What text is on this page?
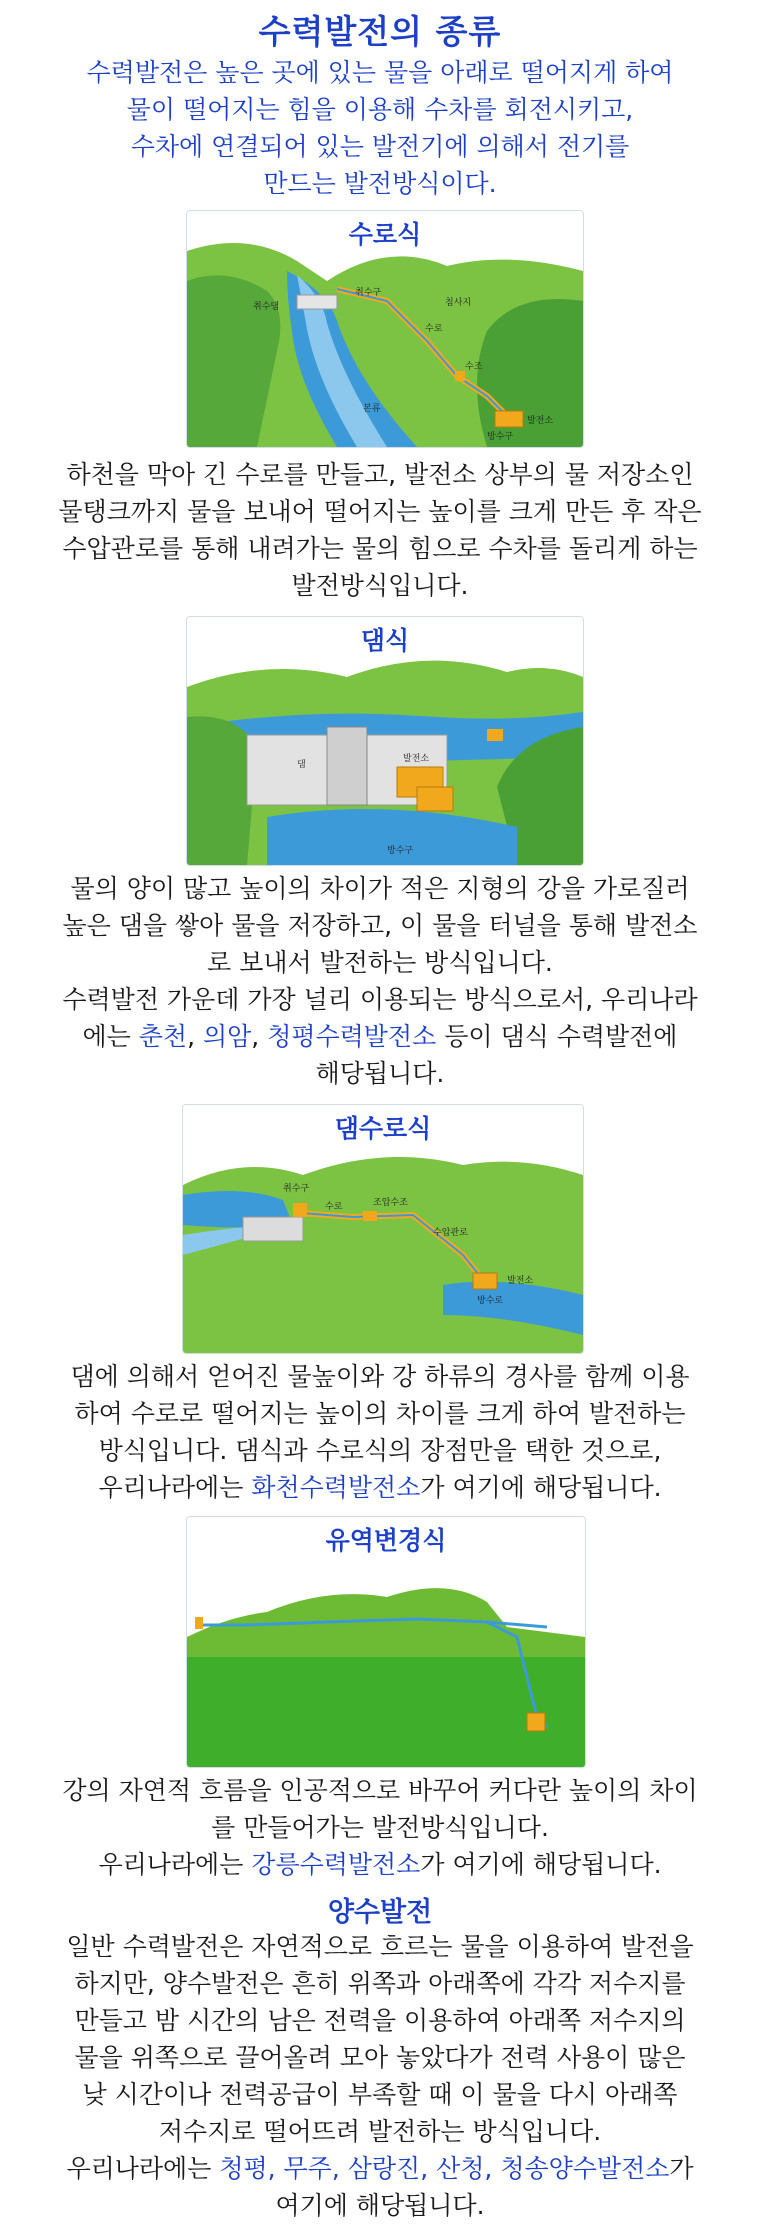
수력발전의 종류
수력발전은 높은 곳에 있는 물을 아래로 떨어지게 하여
물이 떨어지는 힘을 이용해 수차를 회전시키고,
수차에 연결되어 있는 발전기에 의해서 전기를
만드는 발전방식이다.
취수댐
취수구
침사지
수로
수조
본류
발전소
방수구
수로식
하천을 막아 긴 수로를 만들고, 발전소 상부의 물 저장소인
물탱크까지 물을 보내어 떨어지는 높이를 크게 만든 후 작은
수압관로를 통해 내려가는 물의 힘으로 수차를 돌리게 하는
발전방식입니다.
댐
발전소
방수구
댐식
물의 양이 많고 높이의 차이가 적은 지형의 강을 가로질러
높은 댐을 쌓아 물을 저장하고, 이 물을 터널을 통해 발전소
로 보내서 발전하는 방식입니다.
수력발전 가운데 가장 널리 이용되는 방식으로서, 우리나라
에는 춘천, 의암, 청평수력발전소 등이 댐식 수력발전에
해당됩니다.
취수구
수로	조압수조
수압관로
발전소
방수로
댐수로식
댐에 의해서 얻어진 물높이와 강 하류의 경사를 함께 이용
하여 수로로 떨어지는 높이의 차이를 크게 하여 발전하는
방식입니다. 댐식과 수로식의 장점만을 택한 것으로,
우리나라에는 화천수력발전소가 여기에 해당됩니다.
유역변경식
강의 자연적 흐름을 인공적으로 바꾸어 커다란 높이의 차이
를 만들어가는 발전방식입니다.
우리나라에는 강릉수력발전소가 여기에 해당됩니다.
양수발전
일반 수력발전은 자연적으로 흐르는 물을 이용하여 발전을
하지만, 양수발전은 흔히 위쪽과 아래쪽에 각각 저수지를
만들고 밤 시간의 남은 전력을 이용하여 아래쪽 저수지의
물을 위쪽으로 끌어올려 모아 놓았다가 전력 사용이 많은
낮 시간이나 전력공급이 부족할 때 이 물을 다시 아래쪽
저수지로 떨어뜨려 발전하는 방식입니다.
우리나라에는 청평, 무주, 삼랑진, 산청, 청송양수발전소가
여기에 해당됩니다.
